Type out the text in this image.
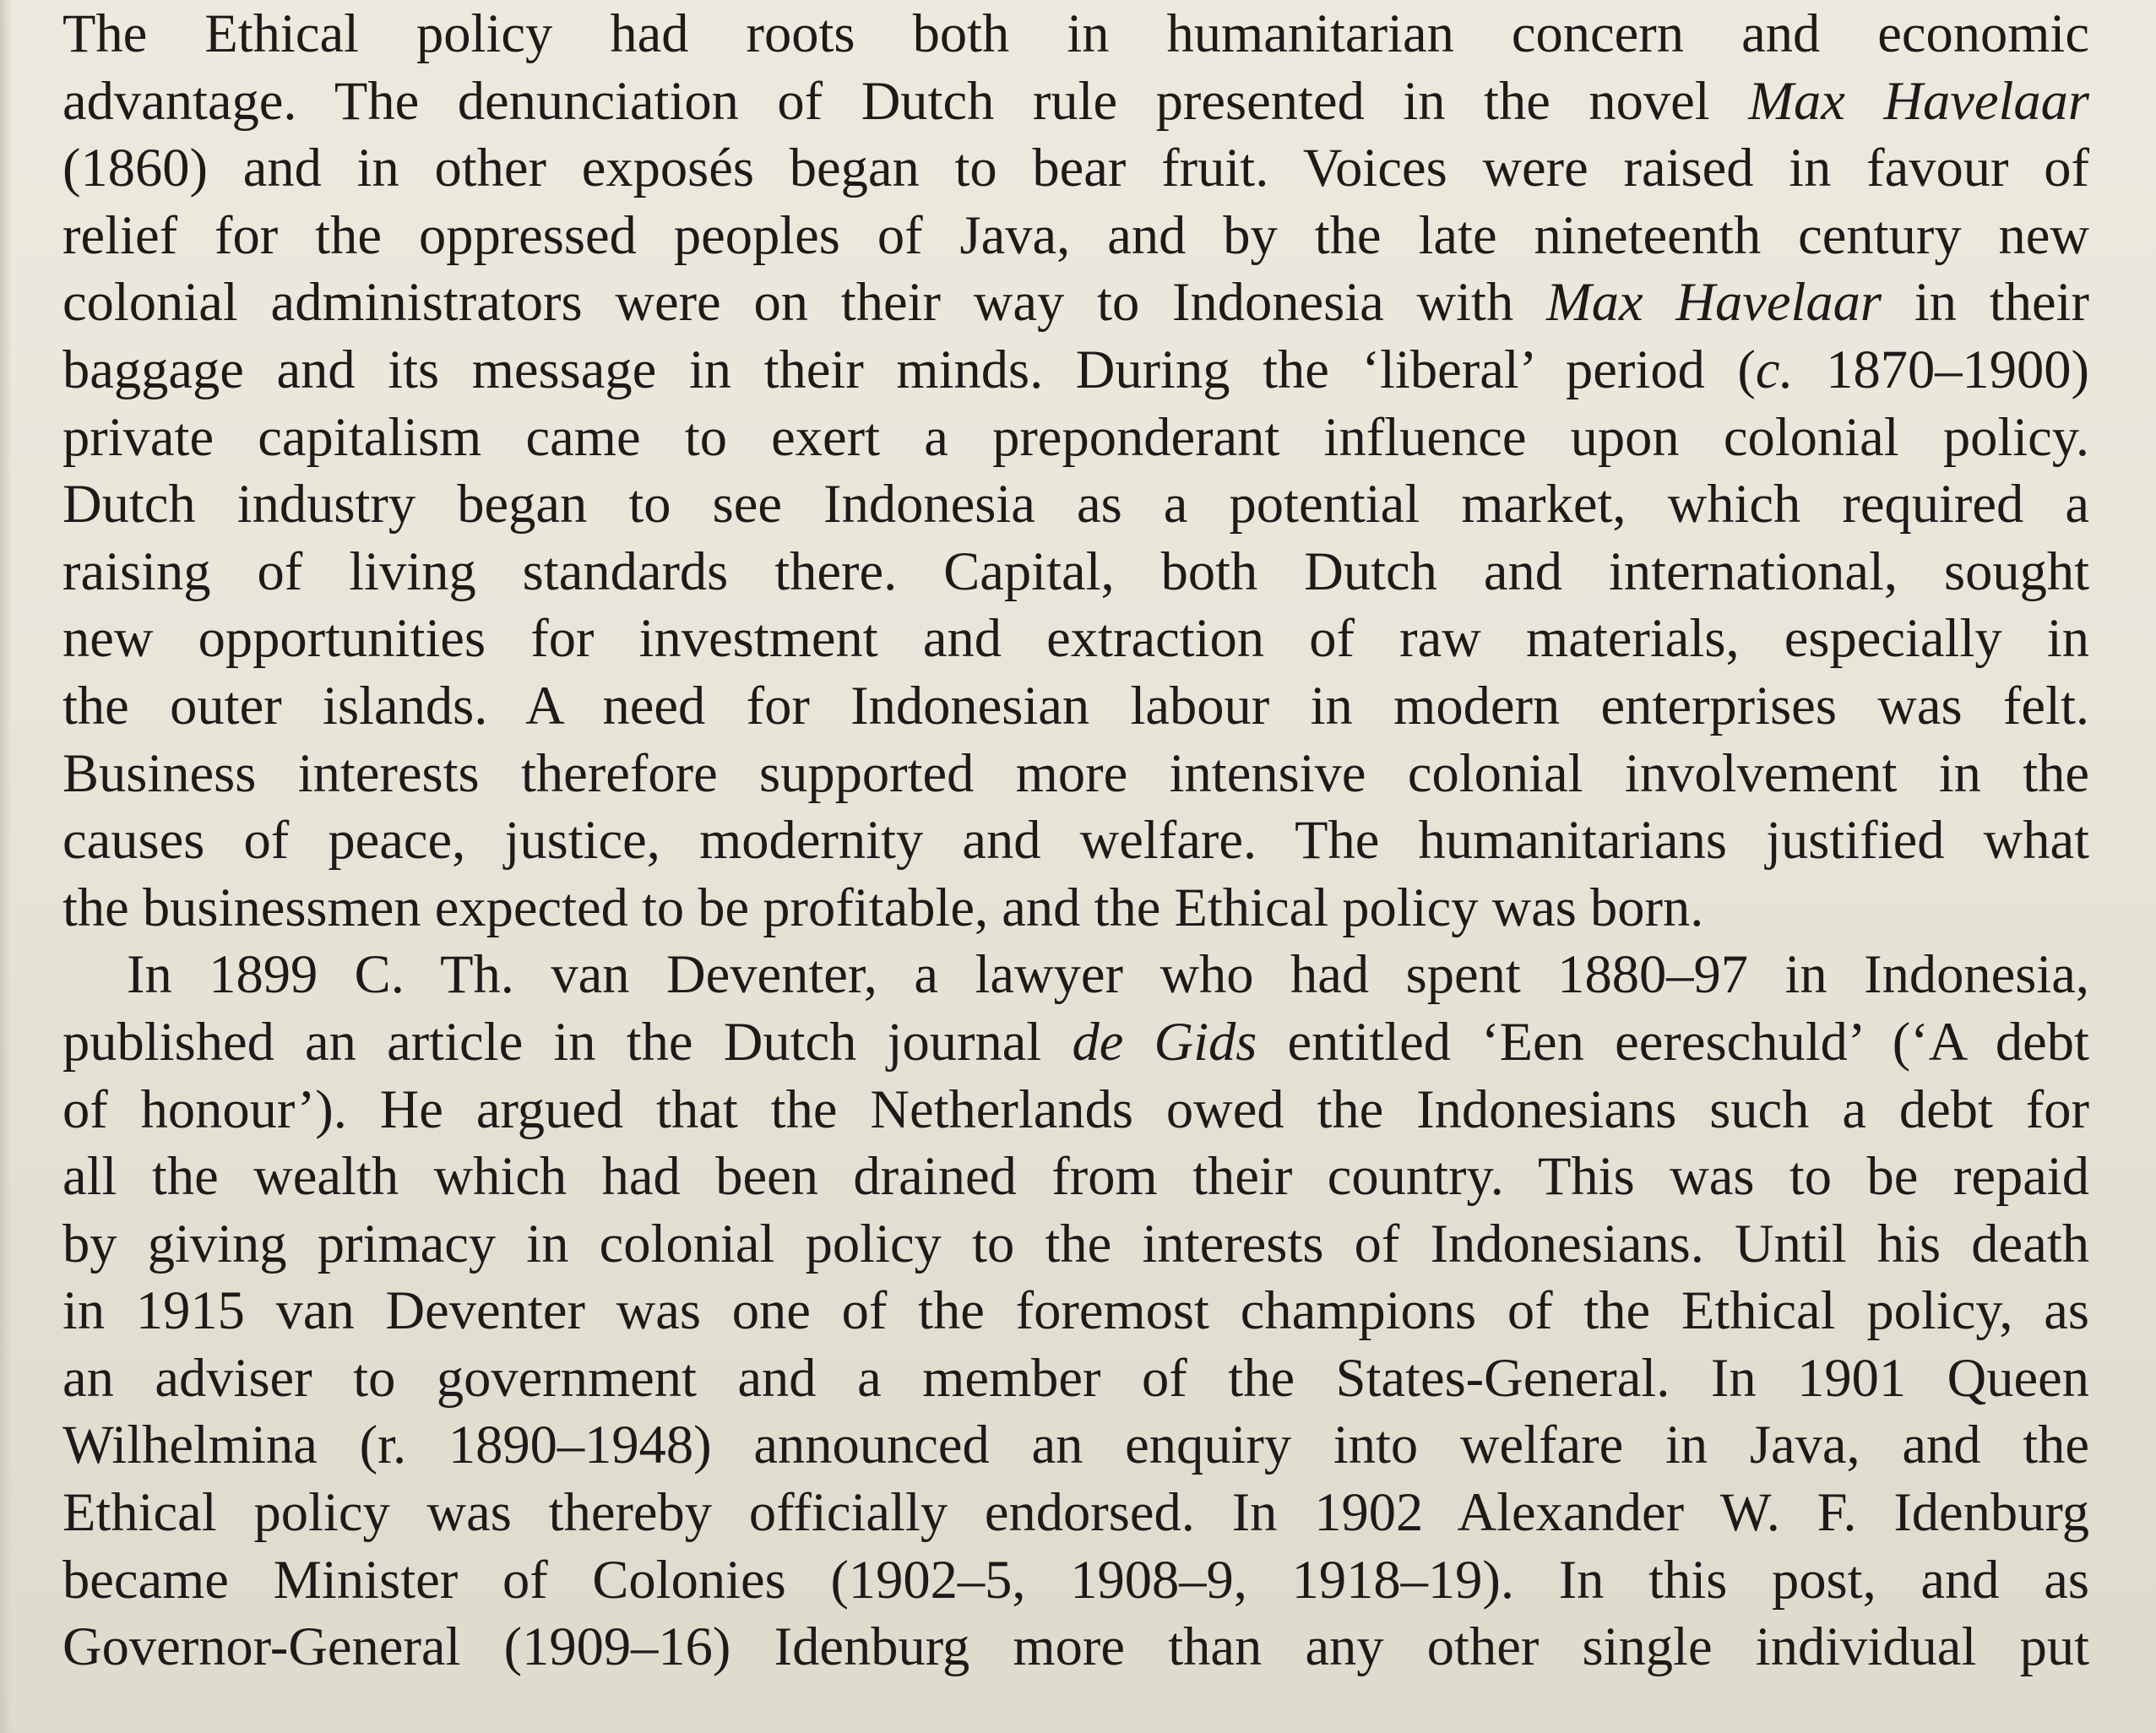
The Ethical policy had roots both in humanitarian concern and economic
advantage. The denunciation of Dutch rule presented in the novel Max Havelaar
(1860) and in other exposés began to bear fruit. Voices were raised in favour of
relief for the oppressed peoples of Java, and by the late nineteenth century new
colonial administrators were on their way to Indonesia with Max Havelaar in their
baggage and its message in their minds. During the ‘liberal’ period (c. 1870–1900)
private capitalism came to exert a preponderant influence upon colonial policy.
Dutch industry began to see Indonesia as a potential market, which required a
raising of living standards there. Capital, both Dutch and international, sought
new opportunities for investment and extraction of raw materials, especially in
the outer islands. A need for Indonesian labour in modern enterprises was felt.
Business interests therefore supported more intensive colonial involvement in the
causes of peace, justice, modernity and welfare. The humanitarians justified what
the businessmen expected to be profitable, and the Ethical policy was born.
In 1899 C. Th. van Deventer, a lawyer who had spent 1880–97 in Indonesia,
published an article in the Dutch journal de Gids entitled ‘Een eereschuld’ (‘A debt
of honour’). He argued that the Netherlands owed the Indonesians such a debt for
all the wealth which had been drained from their country. This was to be repaid
by giving primacy in colonial policy to the interests of Indonesians. Until his death
in 1915 van Deventer was one of the foremost champions of the Ethical policy, as
an adviser to government and a member of the States-General. In 1901 Queen
Wilhelmina (r. 1890–1948) announced an enquiry into welfare in Java, and the
Ethical policy was thereby officially endorsed. In 1902 Alexander W. F. Idenburg
became Minister of Colonies (1902–5, 1908–9, 1918–19). In this post, and as
Governor-General (1909–16) Idenburg more than any other single individual put
